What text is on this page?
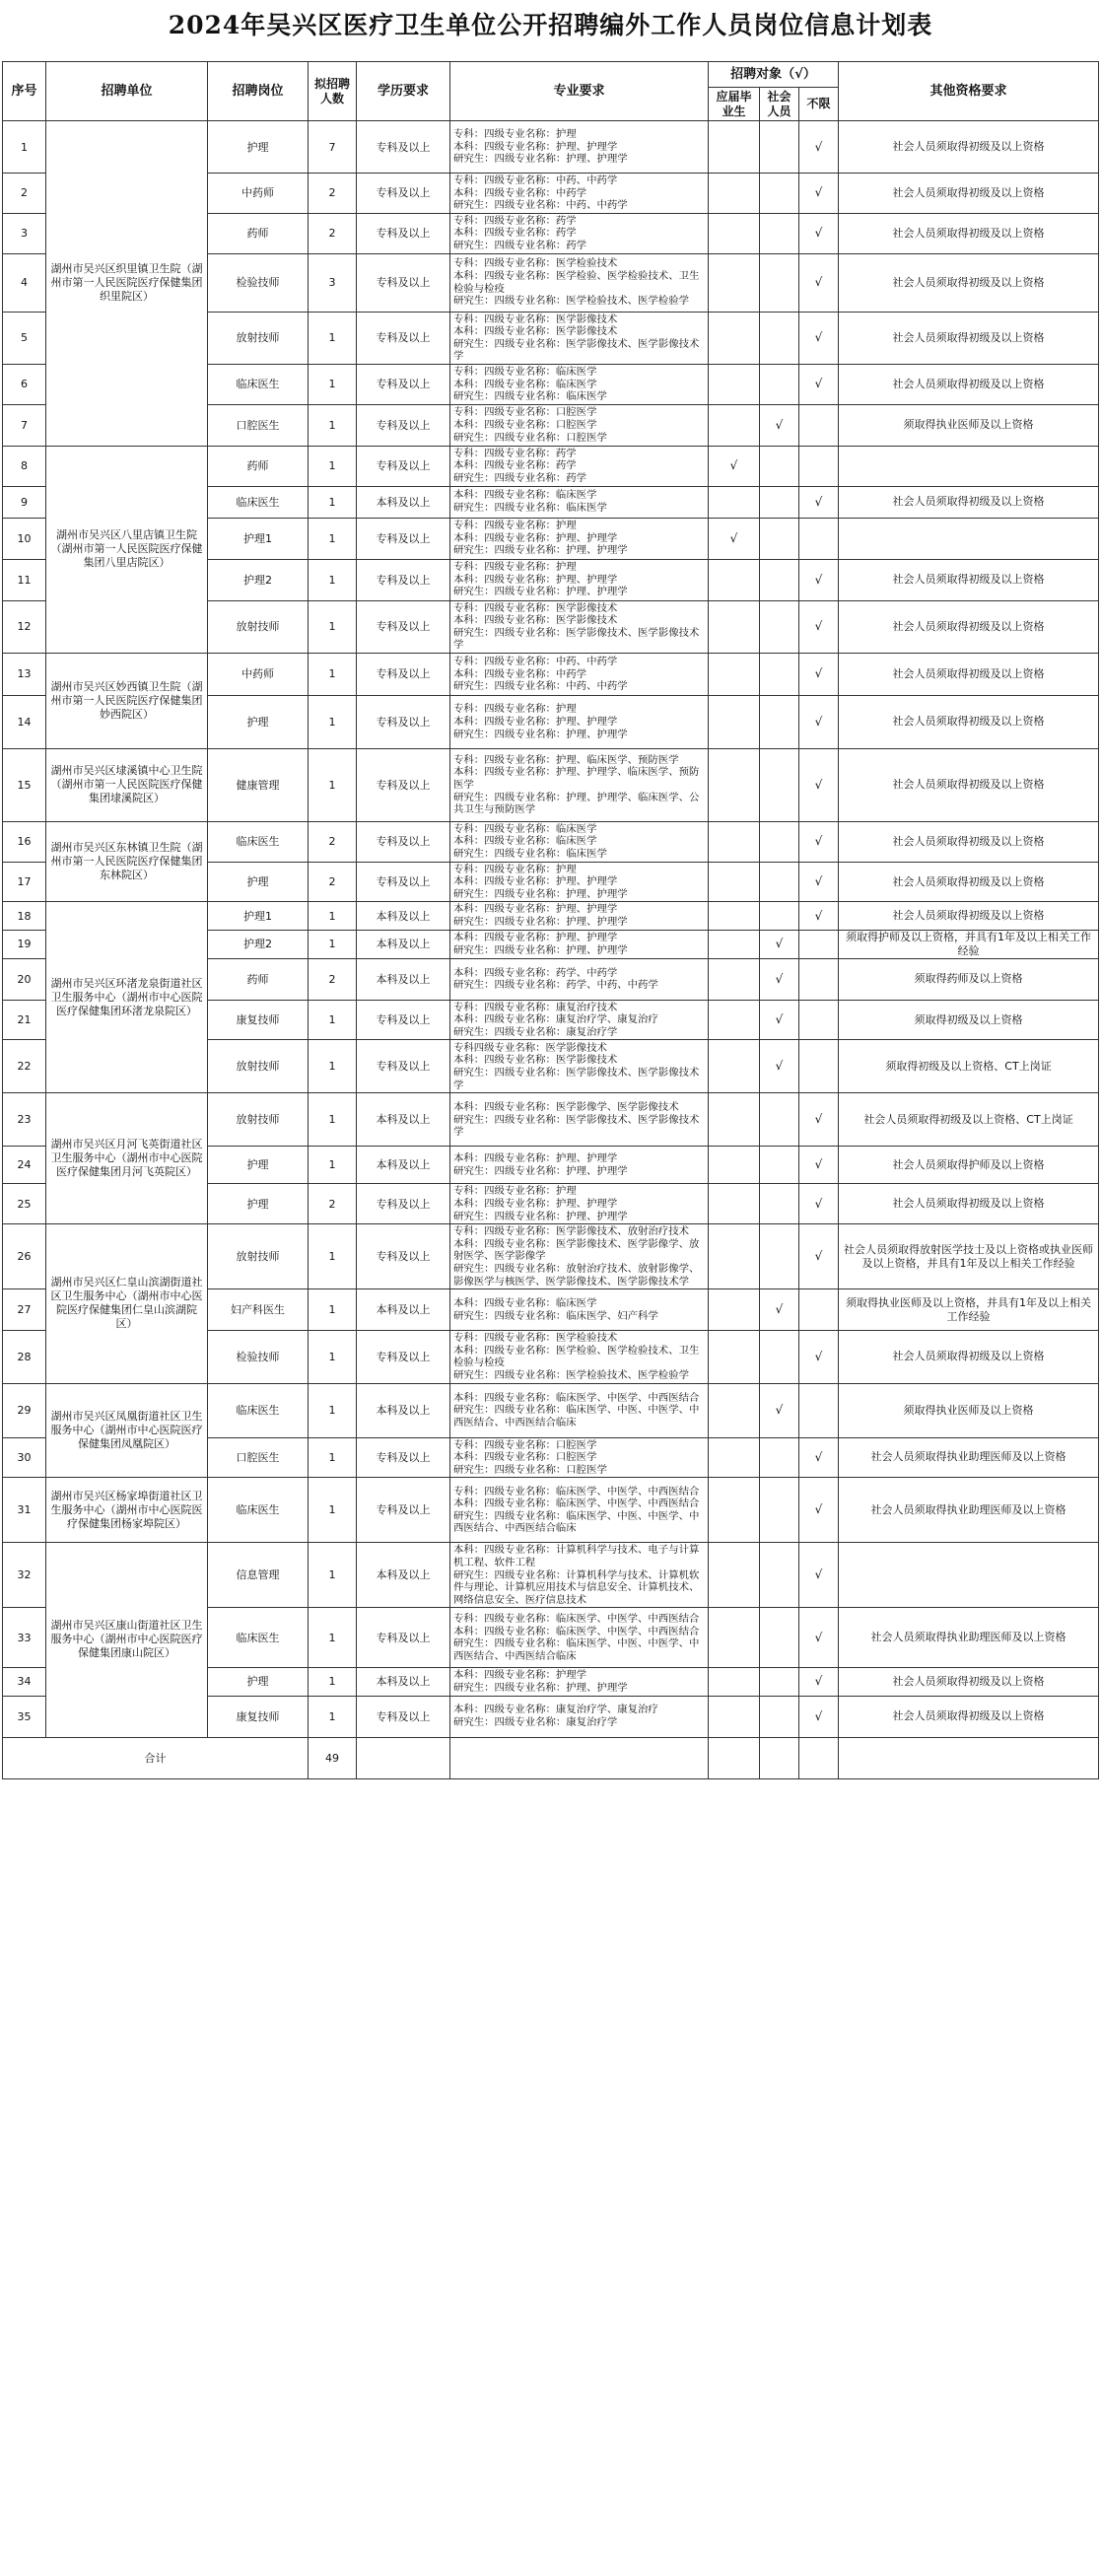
2024年吴兴区医疗卫生单位公开招聘编外工作人员岗位信息计划表
序号	招聘单位	招聘岗位	拟招聘人数	学历要求	专业要求	招聘对象（√）			其他资格要求
						应届毕业生	社会人员	不限	
1	湖州市吴兴区织里镇卫生院（湖州市第一人民医院医疗保健集团织里院区）	护理	7	专科及以上	专科：四级专业名称：护理
本科：四级专业名称：护理、护理学
研究生：四级专业名称：护理、护理学			√	社会人员须取得初级及以上资格
2		中药师	2	专科及以上	专科：四级专业名称：中药、中药学
本科：四级专业名称：中药学
研究生：四级专业名称：中药、中药学			√	社会人员须取得初级及以上资格
3		药师	2	专科及以上	专科：四级专业名称：药学
本科：四级专业名称：药学
研究生：四级专业名称：药学			√	社会人员须取得初级及以上资格
4		检验技师	3	专科及以上	专科：四级专业名称：医学检验技术
本科：四级专业名称：医学检验、医学检验技术、卫生检验与检疫
研究生：四级专业名称：医学检验技术、医学检验学			√	社会人员须取得初级及以上资格
5		放射技师	1	专科及以上	专科：四级专业名称：医学影像技术
本科：四级专业名称：医学影像技术
研究生：四级专业名称：医学影像技术、医学影像技术学			√	社会人员须取得初级及以上资格
6		临床医生	1	专科及以上	专科：四级专业名称：临床医学
本科：四级专业名称：临床医学
研究生：四级专业名称：临床医学			√	社会人员须取得初级及以上资格
7		口腔医生	1	专科及以上	专科：四级专业名称：口腔医学
本科：四级专业名称：口腔医学
研究生：四级专业名称：口腔医学		√		须取得执业医师及以上资格
8	湖州市吴兴区八里店镇卫生院（湖州市第一人民医院医疗保健集团八里店院区）	药师	1	专科及以上	专科：四级专业名称：药学
本科：四级专业名称：药学
研究生：四级专业名称：药学	√			
9		临床医生	1	本科及以上	本科：四级专业名称：临床医学
研究生：四级专业名称：临床医学			√	社会人员须取得初级及以上资格
10		护理1	1	专科及以上	专科：四级专业名称：护理
本科：四级专业名称：护理、护理学
研究生：四级专业名称：护理、护理学	√			
11		护理2	1	专科及以上	专科：四级专业名称：护理
本科：四级专业名称：护理、护理学
研究生：四级专业名称：护理、护理学			√	社会人员须取得初级及以上资格
12		放射技师	1	专科及以上	专科：四级专业名称：医学影像技术
本科：四级专业名称：医学影像技术
研究生：四级专业名称：医学影像技术、医学影像技术学			√	社会人员须取得初级及以上资格
13	湖州市吴兴区妙西镇卫生院（湖州市第一人民医院医疗保健集团妙西院区）	中药师	1	专科及以上	专科：四级专业名称：中药、中药学
本科：四级专业名称：中药学
研究生：四级专业名称：中药、中药学			√	社会人员须取得初级及以上资格
14		护理	1	专科及以上	专科：四级专业名称：护理
本科：四级专业名称：护理、护理学
研究生：四级专业名称：护理、护理学			√	社会人员须取得初级及以上资格
15	湖州市吴兴区埭溪镇中心卫生院（湖州市第一人民医院医疗保健集团埭溪院区）	健康管理	1	专科及以上	专科：四级专业名称：护理、临床医学、预防医学
本科：四级专业名称：护理、护理学、临床医学、预防医学
研究生：四级专业名称：护理、护理学、临床医学、公共卫生与预防医学			√	社会人员须取得初级及以上资格
16	湖州市吴兴区东林镇卫生院（湖州市第一人民医院医疗保健集团东林院区）	临床医生	2	专科及以上	专科：四级专业名称：临床医学
本科：四级专业名称：临床医学
研究生：四级专业名称：临床医学			√	社会人员须取得初级及以上资格
17		护理	2	专科及以上	专科：四级专业名称：护理
本科：四级专业名称：护理、护理学
研究生：四级专业名称：护理、护理学			√	社会人员须取得初级及以上资格
18	湖州市吴兴区环渚龙泉街道社区卫生服务中心（湖州市中心医院医疗保健集团环渚龙泉院区）	护理1	1	本科及以上	本科：四级专业名称：护理、护理学
研究生：四级专业名称：护理、护理学			√	社会人员须取得初级及以上资格
19		护理2	1	本科及以上	本科：四级专业名称：护理、护理学
研究生：四级专业名称：护理、护理学		√		须取得护师及以上资格，并具有1年及以上相关工作经验
20		药师	2	本科及以上	本科：四级专业名称：药学、中药学
研究生：四级专业名称：药学、中药、中药学		√		须取得药师及以上资格
21		康复技师	1	专科及以上	专科：四级专业名称：康复治疗技术
本科：四级专业名称：康复治疗学、康复治疗
研究生：四级专业名称：康复治疗学		√		须取得初级及以上资格
22		放射技师	1	专科及以上	专科四级专业名称：医学影像技术
本科：四级专业名称：医学影像技术
研究生：四级专业名称：医学影像技术、医学影像技术学		√		须取得初级及以上资格、CT上岗证
23	湖州市吴兴区月河飞英街道社区卫生服务中心（湖州市中心医院医疗保健集团月河飞英院区）	放射技师	1	本科及以上	本科：四级专业名称：医学影像学、医学影像技术
研究生：四级专业名称：医学影像技术、医学影像技术学			√	社会人员须取得初级及以上资格、CT上岗证
24		护理	1	本科及以上	本科：四级专业名称：护理、护理学
研究生：四级专业名称：护理、护理学			√	社会人员须取得护师及以上资格
25		护理	2	专科及以上	专科：四级专业名称：护理
本科：四级专业名称：护理、护理学
研究生：四级专业名称：护理、护理学			√	社会人员须取得初级及以上资格
26	湖州市吴兴区仁皇山滨湖街道社区卫生服务中心（湖州市中心医院医疗保健集团仁皇山滨湖院区）	放射技师	1	专科及以上	专科：四级专业名称：医学影像技术、放射治疗技术
本科：四级专业名称：医学影像技术、医学影像学、放射医学、医学影像学
研究生：四级专业名称：放射治疗技术、放射影像学、影像医学与核医学、医学影像技术、医学影像技术学			√	社会人员须取得放射医学技士及以上资格或执业医师及以上资格，并具有1年及以上相关工作经验
27		妇产科医生	1	本科及以上	本科：四级专业名称：临床医学
研究生：四级专业名称：临床医学、妇产科学		√		须取得执业医师及以上资格，并具有1年及以上相关工作经验
28		检验技师	1	专科及以上	专科：四级专业名称：医学检验技术
本科：四级专业名称：医学检验、医学检验技术、卫生检验与检疫
研究生：四级专业名称：医学检验技术、医学检验学			√	社会人员须取得初级及以上资格
29	湖州市吴兴区凤凰街道社区卫生服务中心（湖州市中心医院医疗保健集团凤凰院区）	临床医生	1	本科及以上	本科：四级专业名称：临床医学、中医学、中西医结合
研究生：四级专业名称：临床医学、中医、中医学、中西医结合、中西医结合临床		√		须取得执业医师及以上资格
30		口腔医生	1	专科及以上	专科：四级专业名称：口腔医学
本科：四级专业名称：口腔医学
研究生：四级专业名称：口腔医学			√	社会人员须取得执业助理医师及以上资格
31	湖州市吴兴区杨家埠街道社区卫生服务中心（湖州市中心医院医疗保健集团杨家埠院区）	临床医生	1	专科及以上	专科：四级专业名称：临床医学、中医学、中西医结合
本科：四级专业名称：临床医学、中医学、中西医结合
研究生：四级专业名称：临床医学、中医、中医学、中西医结合、中西医结合临床			√	社会人员须取得执业助理医师及以上资格
32	湖州市吴兴区康山街道社区卫生服务中心（湖州市中心医院医疗保健集团康山院区）	信息管理	1	本科及以上	本科：四级专业名称：计算机科学与技术、电子与计算机工程、软件工程
研究生：四级专业名称：计算机科学与技术、计算机软件与理论、计算机应用技术与信息安全、计算机技术、网络信息安全、医疗信息技术			√	
33		临床医生	1	专科及以上	专科：四级专业名称：临床医学、中医学、中西医结合
本科：四级专业名称：临床医学、中医学、中西医结合
研究生：四级专业名称：临床医学、中医、中医学、中西医结合、中西医结合临床			√	社会人员须取得执业助理医师及以上资格
34		护理	1	本科及以上	本科：四级专业名称：护理学
研究生：四级专业名称：护理、护理学			√	社会人员须取得初级及以上资格
35		康复技师	1	专科及以上	本科：四级专业名称：康复治疗学、康复治疗
研究生：四级专业名称：康复治疗学			√	社会人员须取得初级及以上资格
合计			49						
